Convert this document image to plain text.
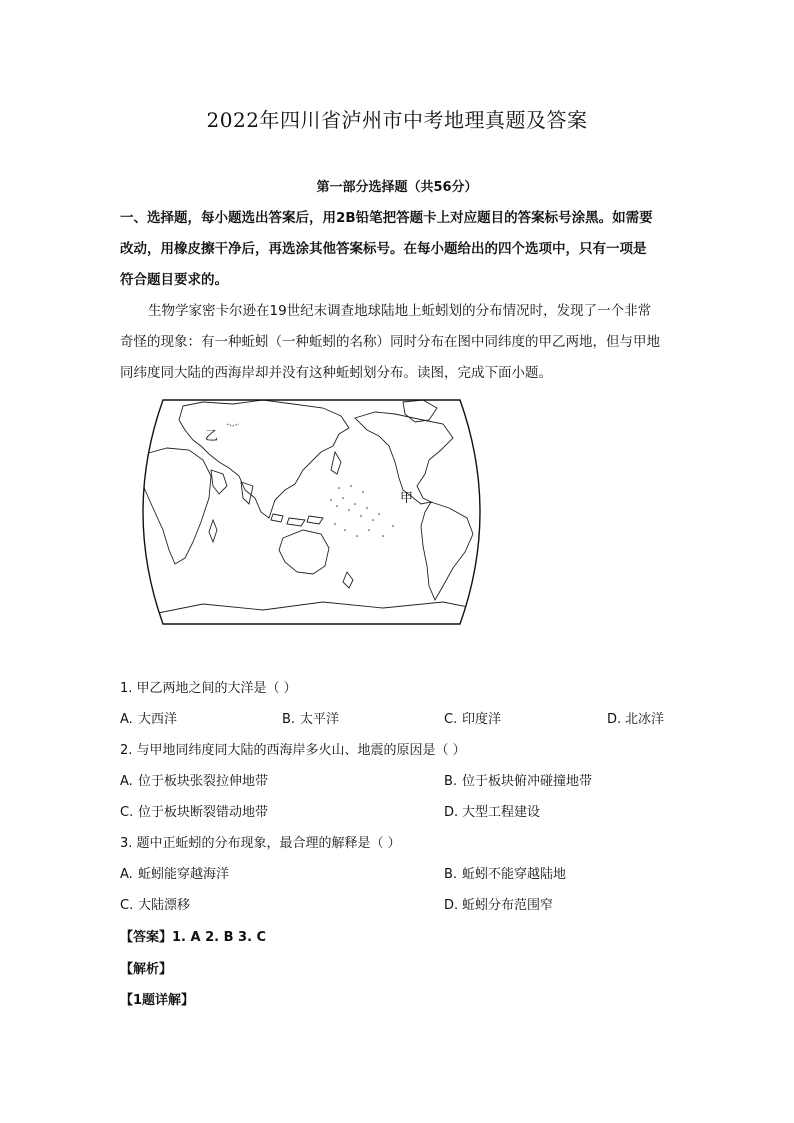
2022年四川省泸州市中考地理真题及答案
第一部分选择题（共56分）
一、选择题，每小题选出答案后，用2B铅笔把答题卡上对应题目的答案标号涂黑。如需要
改动，用橡皮擦干净后，再选涂其他答案标号。在每小题给出的四个选项中，只有一项是
符合题目要求的。
生物学家密卡尔逊在19世纪末调查地球陆地上蚯蚓划的分布情况时，发现了一个非常
奇怪的现象：有一种蚯蚓（一种蚯蚓的名称）同时分布在图中同纬度的甲乙两地，但与甲地
同纬度同大陆的西海岸却并没有这种蚯蚓划分布。读图，完成下面小题。
乙
甲
1. 甲乙两地之间的大洋是（ ）
A. 大西洋	B. 太平洋	C. 印度洋	D. 北冰洋
2. 与甲地同纬度同大陆的西海岸多火山、地震的原因是（ ）
A. 位于板块张裂拉伸地带	B. 位于板块俯冲碰撞地带
C. 位于板块断裂错动地带	D. 大型工程建设
3. 题中正蚯蚓的分布现象，最合理的解释是（ ）
A. 蚯蚓能穿越海洋	B. 蚯蚓不能穿越陆地
C. 大陆漂移	D. 蚯蚓分布范围窄
【答案】1. A 2. B 3. C
【解析】
【1题详解】
